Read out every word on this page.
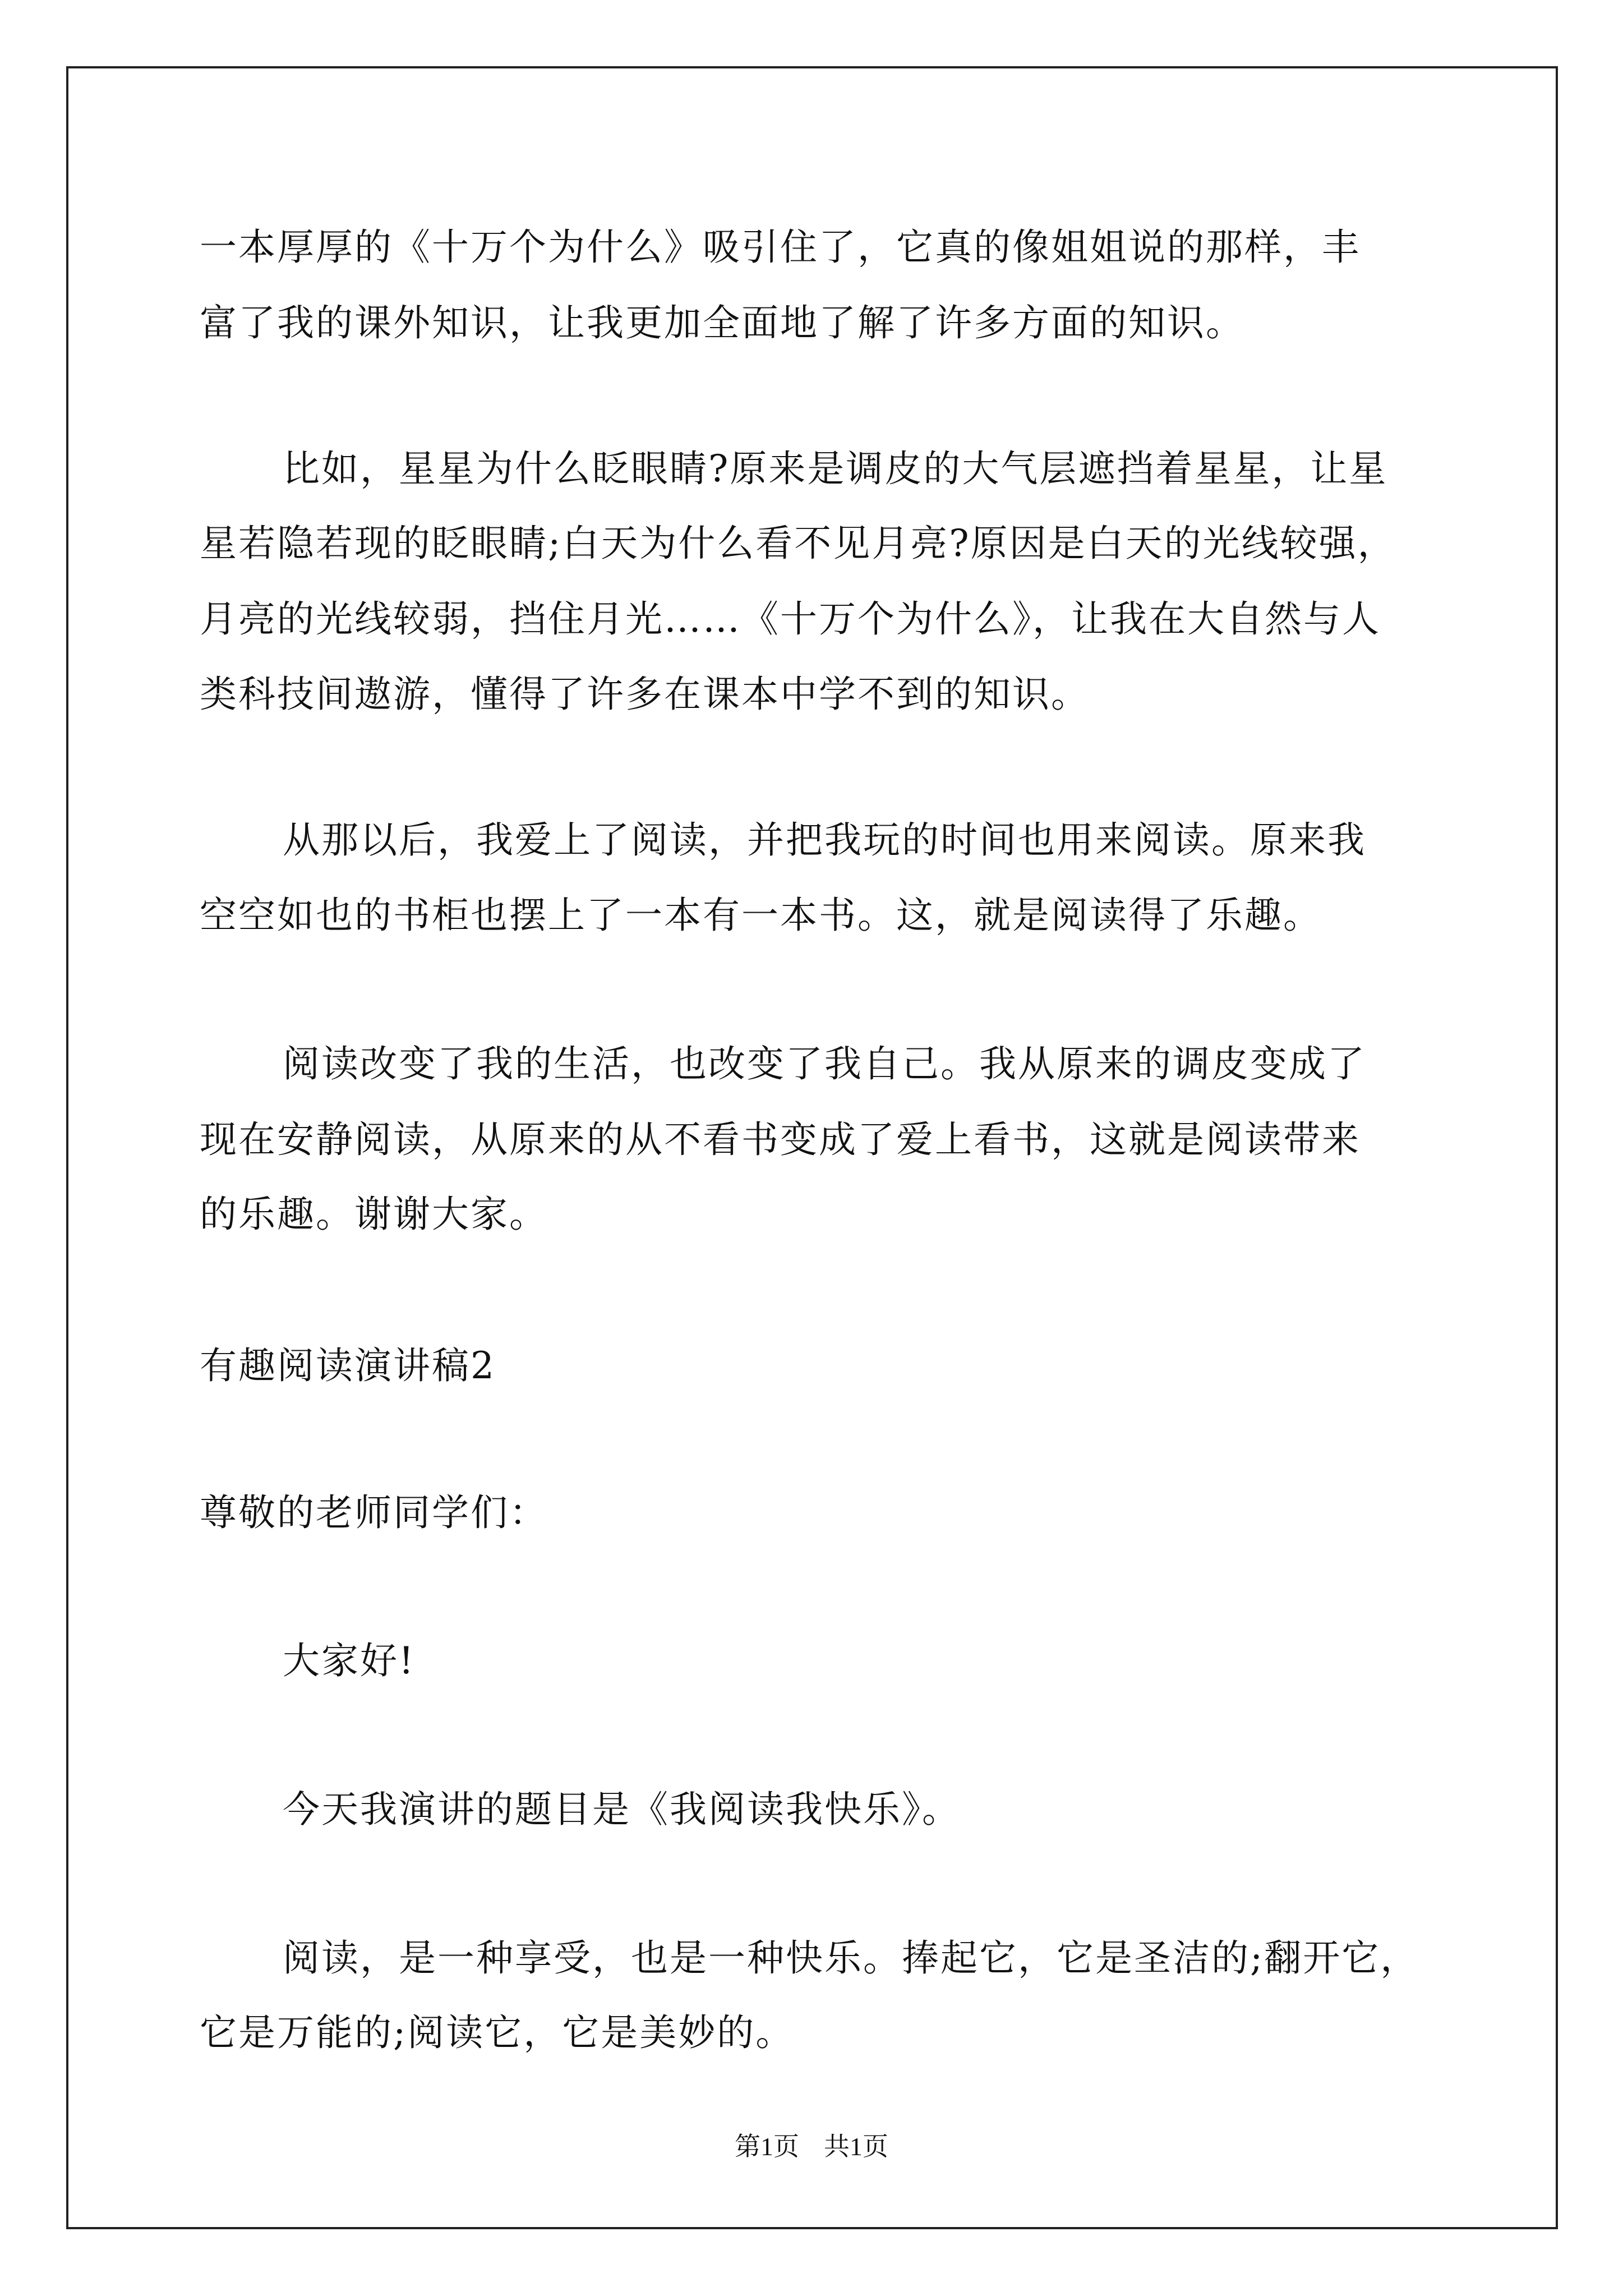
一本厚厚的《十万个为什么》吸引住了，它真的像姐姐说的那样，丰
富了我的课外知识，让我更加全面地了解了许多方面的知识。
比如，星星为什么眨眼睛?原来是调皮的大气层遮挡着星星，让星
星若隐若现的眨眼睛;白天为什么看不见月亮?原因是白天的光线较强，
月亮的光线较弱，挡住月光……《十万个为什么》，让我在大自然与人
类科技间遨游，懂得了许多在课本中学不到的知识。
从那以后，我爱上了阅读，并把我玩的时间也用来阅读。原来我
空空如也的书柜也摆上了一本有一本书。这，就是阅读得了乐趣。
阅读改变了我的生活，也改变了我自己。我从原来的调皮变成了
现在安静阅读，从原来的从不看书变成了爱上看书，这就是阅读带来
的乐趣。谢谢大家。
有趣阅读演讲稿2
尊敬的老师同学们：
大家好!
今天我演讲的题目是《我阅读我快乐》。
阅读，是一种享受，也是一种快乐。捧起它，它是圣洁的;翻开它，
它是万能的;阅读它，它是美妙的。
第1页 共1页
